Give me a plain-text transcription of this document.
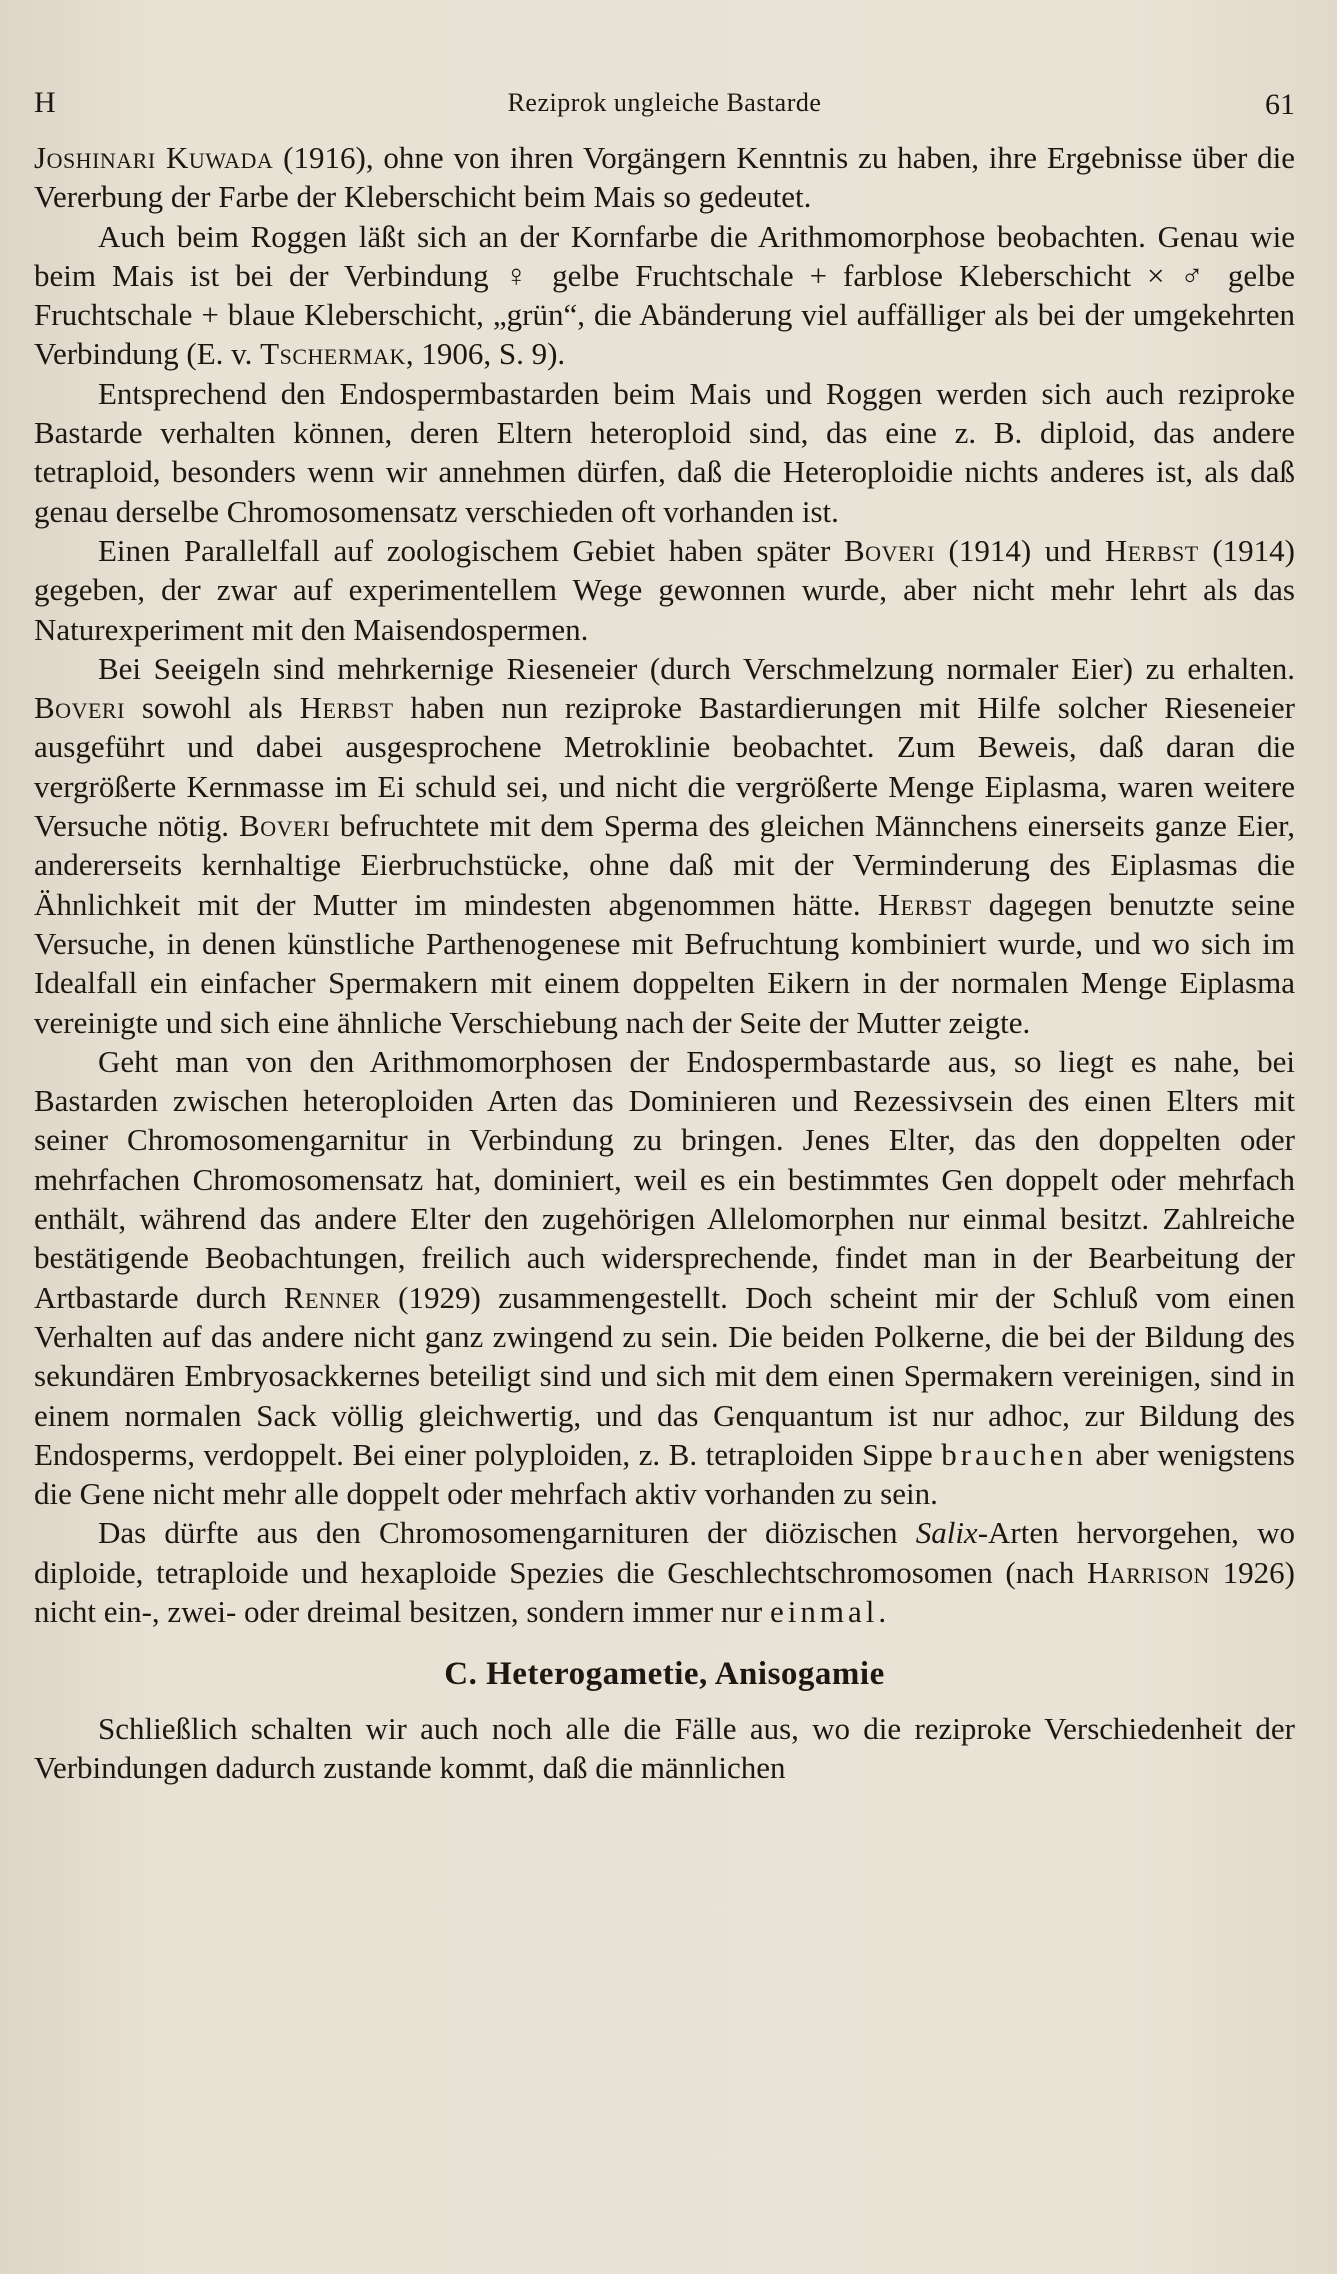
H	Reziprok ungleiche Bastarde	61

Joshinari Kuwada (1916), ohne von ihren Vorgängern Kenntnis zu haben, ihre Ergebnisse über die Vererbung der Farbe der Kleberschicht beim Mais so gedeutet.

Auch beim Roggen läßt sich an der Kornfarbe die Arithmomorphose beobachten. Genau wie beim Mais ist bei der Verbindung ♀ gelbe Fruchtschale + farblose Kleberschicht × ♂ gelbe Fruchtschale + blaue Kleberschicht, „grün“, die Abänderung viel auffälliger als bei der umgekehrten Verbindung (E. v. Tschermak, 1906, S. 9).

Entsprechend den Endospermbastarden beim Mais und Roggen werden sich auch reziproke Bastarde verhalten können, deren Eltern heteroploid sind, das eine z. B. diploid, das andere tetraploid, besonders wenn wir annehmen dürfen, daß die Heteroploidie nichts anderes ist, als daß genau derselbe Chromosomensatz verschieden oft vorhanden ist.

Einen Parallelfall auf zoologischem Gebiet haben später Boveri (1914) und Herbst (1914) gegeben, der zwar auf experimentellem Wege gewonnen wurde, aber nicht mehr lehrt als das Naturexperiment mit den Maisendospermen.

Bei Seeigeln sind mehrkernige Rieseneier (durch Verschmelzung normaler Eier) zu erhalten. Boveri sowohl als Herbst haben nun reziproke Bastardierungen mit Hilfe solcher Rieseneier ausgeführt und dabei ausgesprochene Metroklinie beobachtet. Zum Beweis, daß daran die vergrößerte Kernmasse im Ei schuld sei, und nicht die vergrößerte Menge Eiplasma, waren weitere Versuche nötig. Boveri befruchtete mit dem Sperma des gleichen Männchens einerseits ganze Eier, andererseits kernhaltige Eierbruchstücke, ohne daß mit der Verminderung des Eiplasmas die Ähnlichkeit mit der Mutter im mindesten abgenommen hätte. Herbst dagegen benutzte seine Versuche, in denen künstliche Parthenogenese mit Befruchtung kombiniert wurde, und wo sich im Idealfall ein einfacher Spermakern mit einem doppelten Eikern in der normalen Menge Eiplasma vereinigte und sich eine ähnliche Verschiebung nach der Seite der Mutter zeigte.

Geht man von den Arithmomorphosen der Endospermbastarde aus, so liegt es nahe, bei Bastarden zwischen heteroploiden Arten das Dominieren und Rezessivsein des einen Elters mit seiner Chromosomengarnitur in Verbindung zu bringen. Jenes Elter, das den doppelten oder mehrfachen Chromosomensatz hat, dominiert, weil es ein bestimmtes Gen doppelt oder mehrfach enthält, während das andere Elter den zugehörigen Allelomorphen nur einmal besitzt. Zahlreiche bestätigende Beobachtungen, freilich auch widersprechende, findet man in der Bearbeitung der Artbastarde durch Renner (1929) zusammengestellt. Doch scheint mir der Schluß vom einen Verhalten auf das andere nicht ganz zwingend zu sein. Die beiden Polkerne, die bei der Bildung des sekundären Embryosackkernes beteiligt sind und sich mit dem einen Spermakern vereinigen, sind in einem normalen Sack völlig gleichwertig, und das Genquantum ist nur adhoc, zur Bildung des Endosperms, verdoppelt. Bei einer polyploiden, z. B. tetraploiden Sippe brauchen aber wenigstens die Gene nicht mehr alle doppelt oder mehrfach aktiv vorhanden zu sein.

Das dürfte aus den Chromosomengarnituren der diözischen Salix-Arten hervorgehen, wo diploide, tetraploide und hexaploide Spezies die Geschlechtschromosomen (nach Harrison 1926) nicht ein-, zwei- oder dreimal besitzen, sondern immer nur einmal.

C. Heterogametie, Anisogamie

Schließlich schalten wir auch noch alle die Fälle aus, wo die reziproke Verschiedenheit der Verbindungen dadurch zustande kommt, daß die männlichen
